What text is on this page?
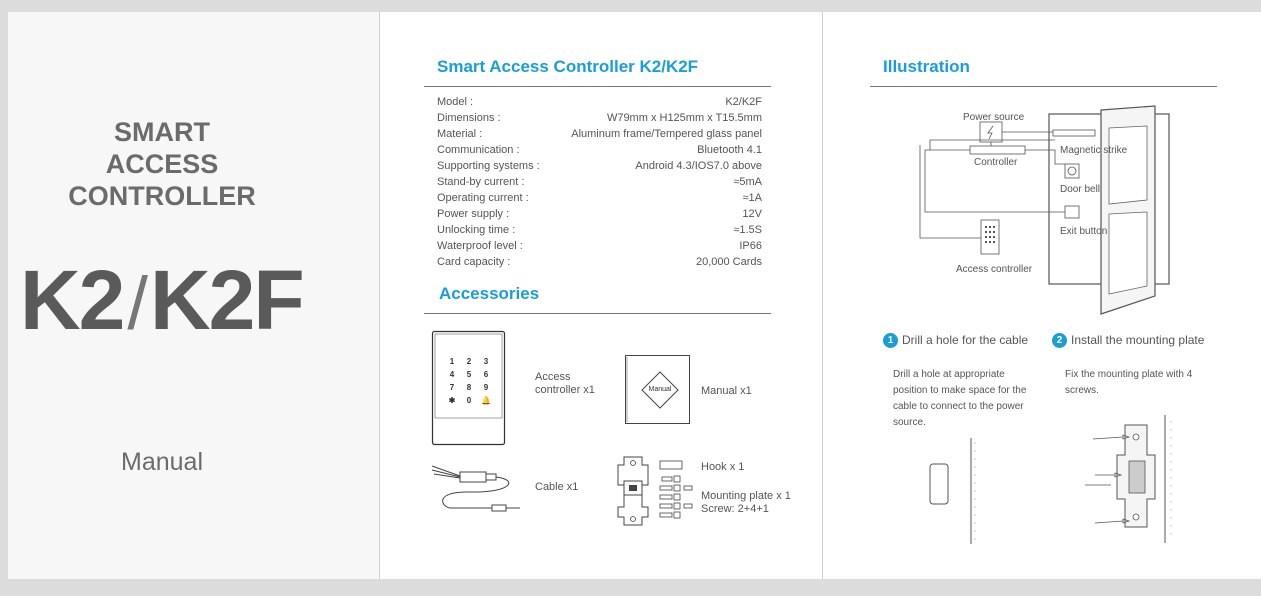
SMART
ACCESS CONTROLLER
K2/K2F
Manual
Smart Access Controller K2/K2F
Model :	K2/K2F
Dimensions :	W79mm x H125mm x T15.5mm
Material :	Aluminum frame/Tempered glass panel
Communication :	Bluetooth 4.1
Supporting systems :	Android 4.3/IOS7.0 above
Stand-by current :	≈5mA
Operating current :	≈1A
Power supply :	12V
Unlocking time :	≈1.5S
Waterproof level :	IP66
Card capacity :	20,000 Cards
Accessories
1	2	3
4	5	6
7	8	9
✱	0	🔔
Access
controller x1	Manual	Manual x1
Cable x1
Hook x 1
Mounting plate x 1
Screw: 2+4+1
Illustration
Power source
Controller
Magnetic strike
Door bell
Exit button
Access controller
1 Drill a hole for the cable	2 Install the mounting plate
Drill a hole at appropriate position to make space for the cable to connect to the power source.
Fix the mounting plate with 4 screws.
